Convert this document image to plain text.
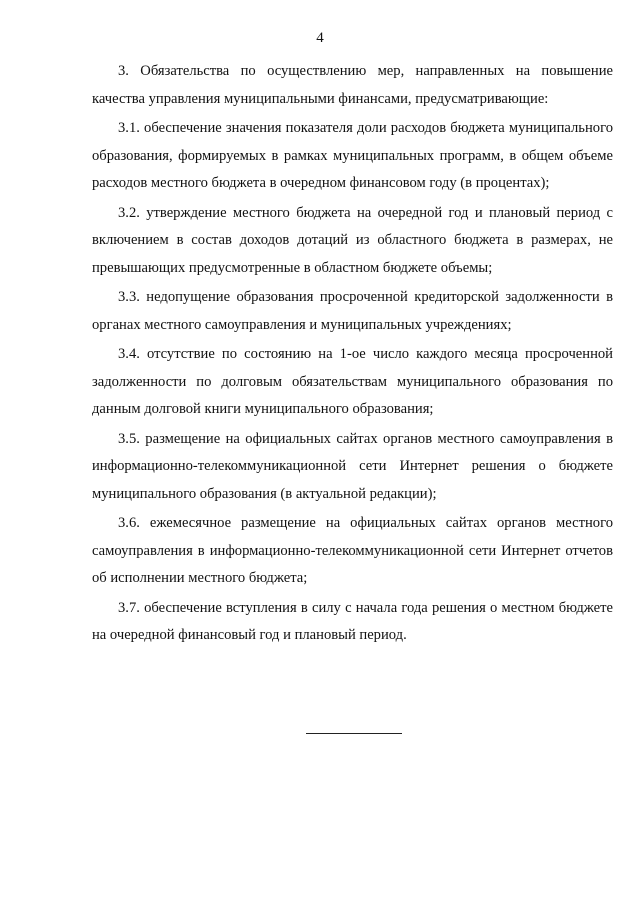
4

3. Обязательства по осуществлению мер, направленных на повышение качества управления муниципальными финансами, предусматривающие:

3.1. обеспечение значения показателя доли расходов бюджета муниципального образования, формируемых в рамках муниципальных программ, в общем объеме расходов местного бюджета в очередном финансовом году (в процентах);

3.2. утверждение местного бюджета на очередной год и плановый период с включением в состав доходов дотаций из областного бюджета в размерах, не превышающих предусмотренные в областном бюджете объемы;

3.3. недопущение образования просроченной кредиторской задолженности в органах местного самоуправления и муниципальных учреждениях;

3.4. отсутствие по состоянию на 1-ое число каждого месяца просроченной задолженности по долговым обязательствам муниципального образования по данным долговой книги муниципального образования;

3.5. размещение на официальных сайтах органов местного самоуправления в информационно-телекоммуникационной сети Интернет решения о бюджете муниципального образования (в актуальной редакции);

3.6. ежемесячное размещение на официальных сайтах органов местного самоуправления в информационно-телекоммуникационной сети Интернет отчетов об исполнении местного бюджета;

3.7. обеспечение вступления в силу с начала года решения о местном бюджете на очередной финансовый год и плановый период.
